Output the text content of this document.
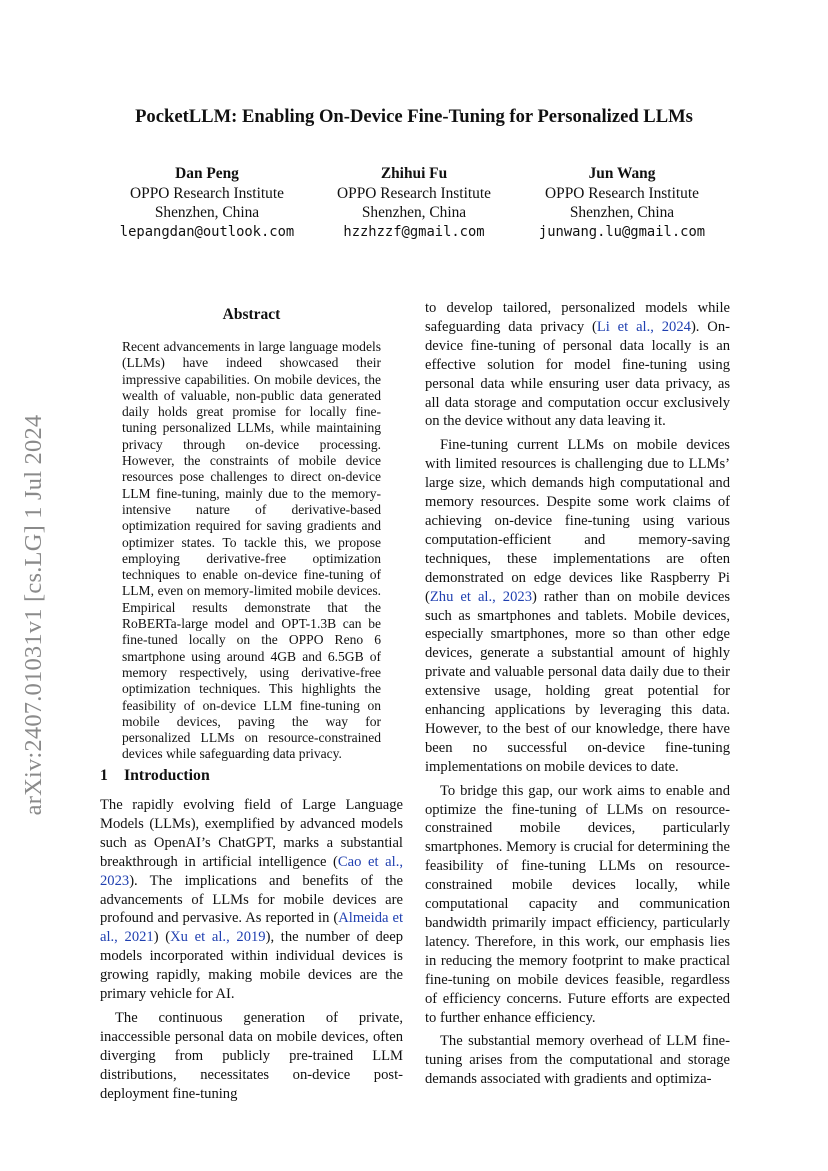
arXiv:2407.01031v1 [cs.LG] 1 Jul 2024
PocketLLM: Enabling On-Device Fine-Tuning for Personalized LLMs
Dan Peng
OPPO Research Institute
Shenzhen, China
lepangdan@outlook.com
Zhihui Fu
OPPO Research Institute
Shenzhen, China
hzzhzzf@gmail.com
Jun Wang
OPPO Research Institute
Shenzhen, China
junwang.lu@gmail.com
Abstract
Recent advancements in large language models (LLMs) have indeed showcased their impressive capabilities. On mobile devices, the wealth of valuable, non-public data generated daily holds great promise for locally fine-tuning personalized LLMs, while maintaining privacy through on-device processing. However, the constraints of mobile device resources pose challenges to direct on-device LLM fine-tuning, mainly due to the memory-intensive nature of derivative-based optimization required for saving gradients and optimizer states. To tackle this, we propose employing derivative-free optimization techniques to enable on-device fine-tuning of LLM, even on memory-limited mobile devices. Empirical results demonstrate that the RoBERTa-large model and OPT-1.3B can be fine-tuned locally on the OPPO Reno 6 smartphone using around 4GB and 6.5GB of memory respectively, using derivative-free optimization techniques. This highlights the feasibility of on-device LLM fine-tuning on mobile devices, paving the way for personalized LLMs on resource-constrained devices while safeguarding data privacy.
1 Introduction

The rapidly evolving field of Large Language Models (LLMs), exemplified by advanced models such as OpenAI’s ChatGPT, marks a substantial breakthrough in artificial intelligence (Cao et al., 2023). The implications and benefits of the advancements of LLMs for mobile devices are profound and pervasive. As reported in (Almeida et al., 2021) (Xu et al., 2019), the number of deep models incorporated within individual devices is growing rapidly, making mobile devices are the primary vehicle for AI.

The continuous generation of private, inaccessible personal data on mobile devices, often diverging from publicly pre-trained LLM distributions, necessitates on-device post-deployment fine-tuning

to develop tailored, personalized models while safeguarding data privacy (Li et al., 2024). On-device fine-tuning of personal data locally is an effective solution for model fine-tuning using personal data while ensuring user data privacy, as all data storage and computation occur exclusively on the device without any data leaving it.

Fine-tuning current LLMs on mobile devices with limited resources is challenging due to LLMs’ large size, which demands high computational and memory resources. Despite some work claims of achieving on-device fine-tuning using various computation-efficient and memory-saving techniques, these implementations are often demonstrated on edge devices like Raspberry Pi (Zhu et al., 2023) rather than on mobile devices such as smartphones and tablets. Mobile devices, especially smartphones, more so than other edge devices, generate a substantial amount of highly private and valuable personal data daily due to their extensive usage, holding great potential for enhancing applications by leveraging this data. However, to the best of our knowledge, there have been no successful on-device fine-tuning implementations on mobile devices to date.

To bridge this gap, our work aims to enable and optimize the fine-tuning of LLMs on resource-constrained mobile devices, particularly smartphones. Memory is crucial for determining the feasibility of fine-tuning LLMs on resource-constrained mobile devices locally, while computational capacity and communication bandwidth primarily impact efficiency, particularly latency. Therefore, in this work, our emphasis lies in reducing the memory footprint to make practical fine-tuning on mobile devices feasible, regardless of efficiency concerns. Future efforts are expected to further enhance efficiency.

The substantial memory overhead of LLM fine-tuning arises from the computational and storage demands associated with gradients and optimiza-
